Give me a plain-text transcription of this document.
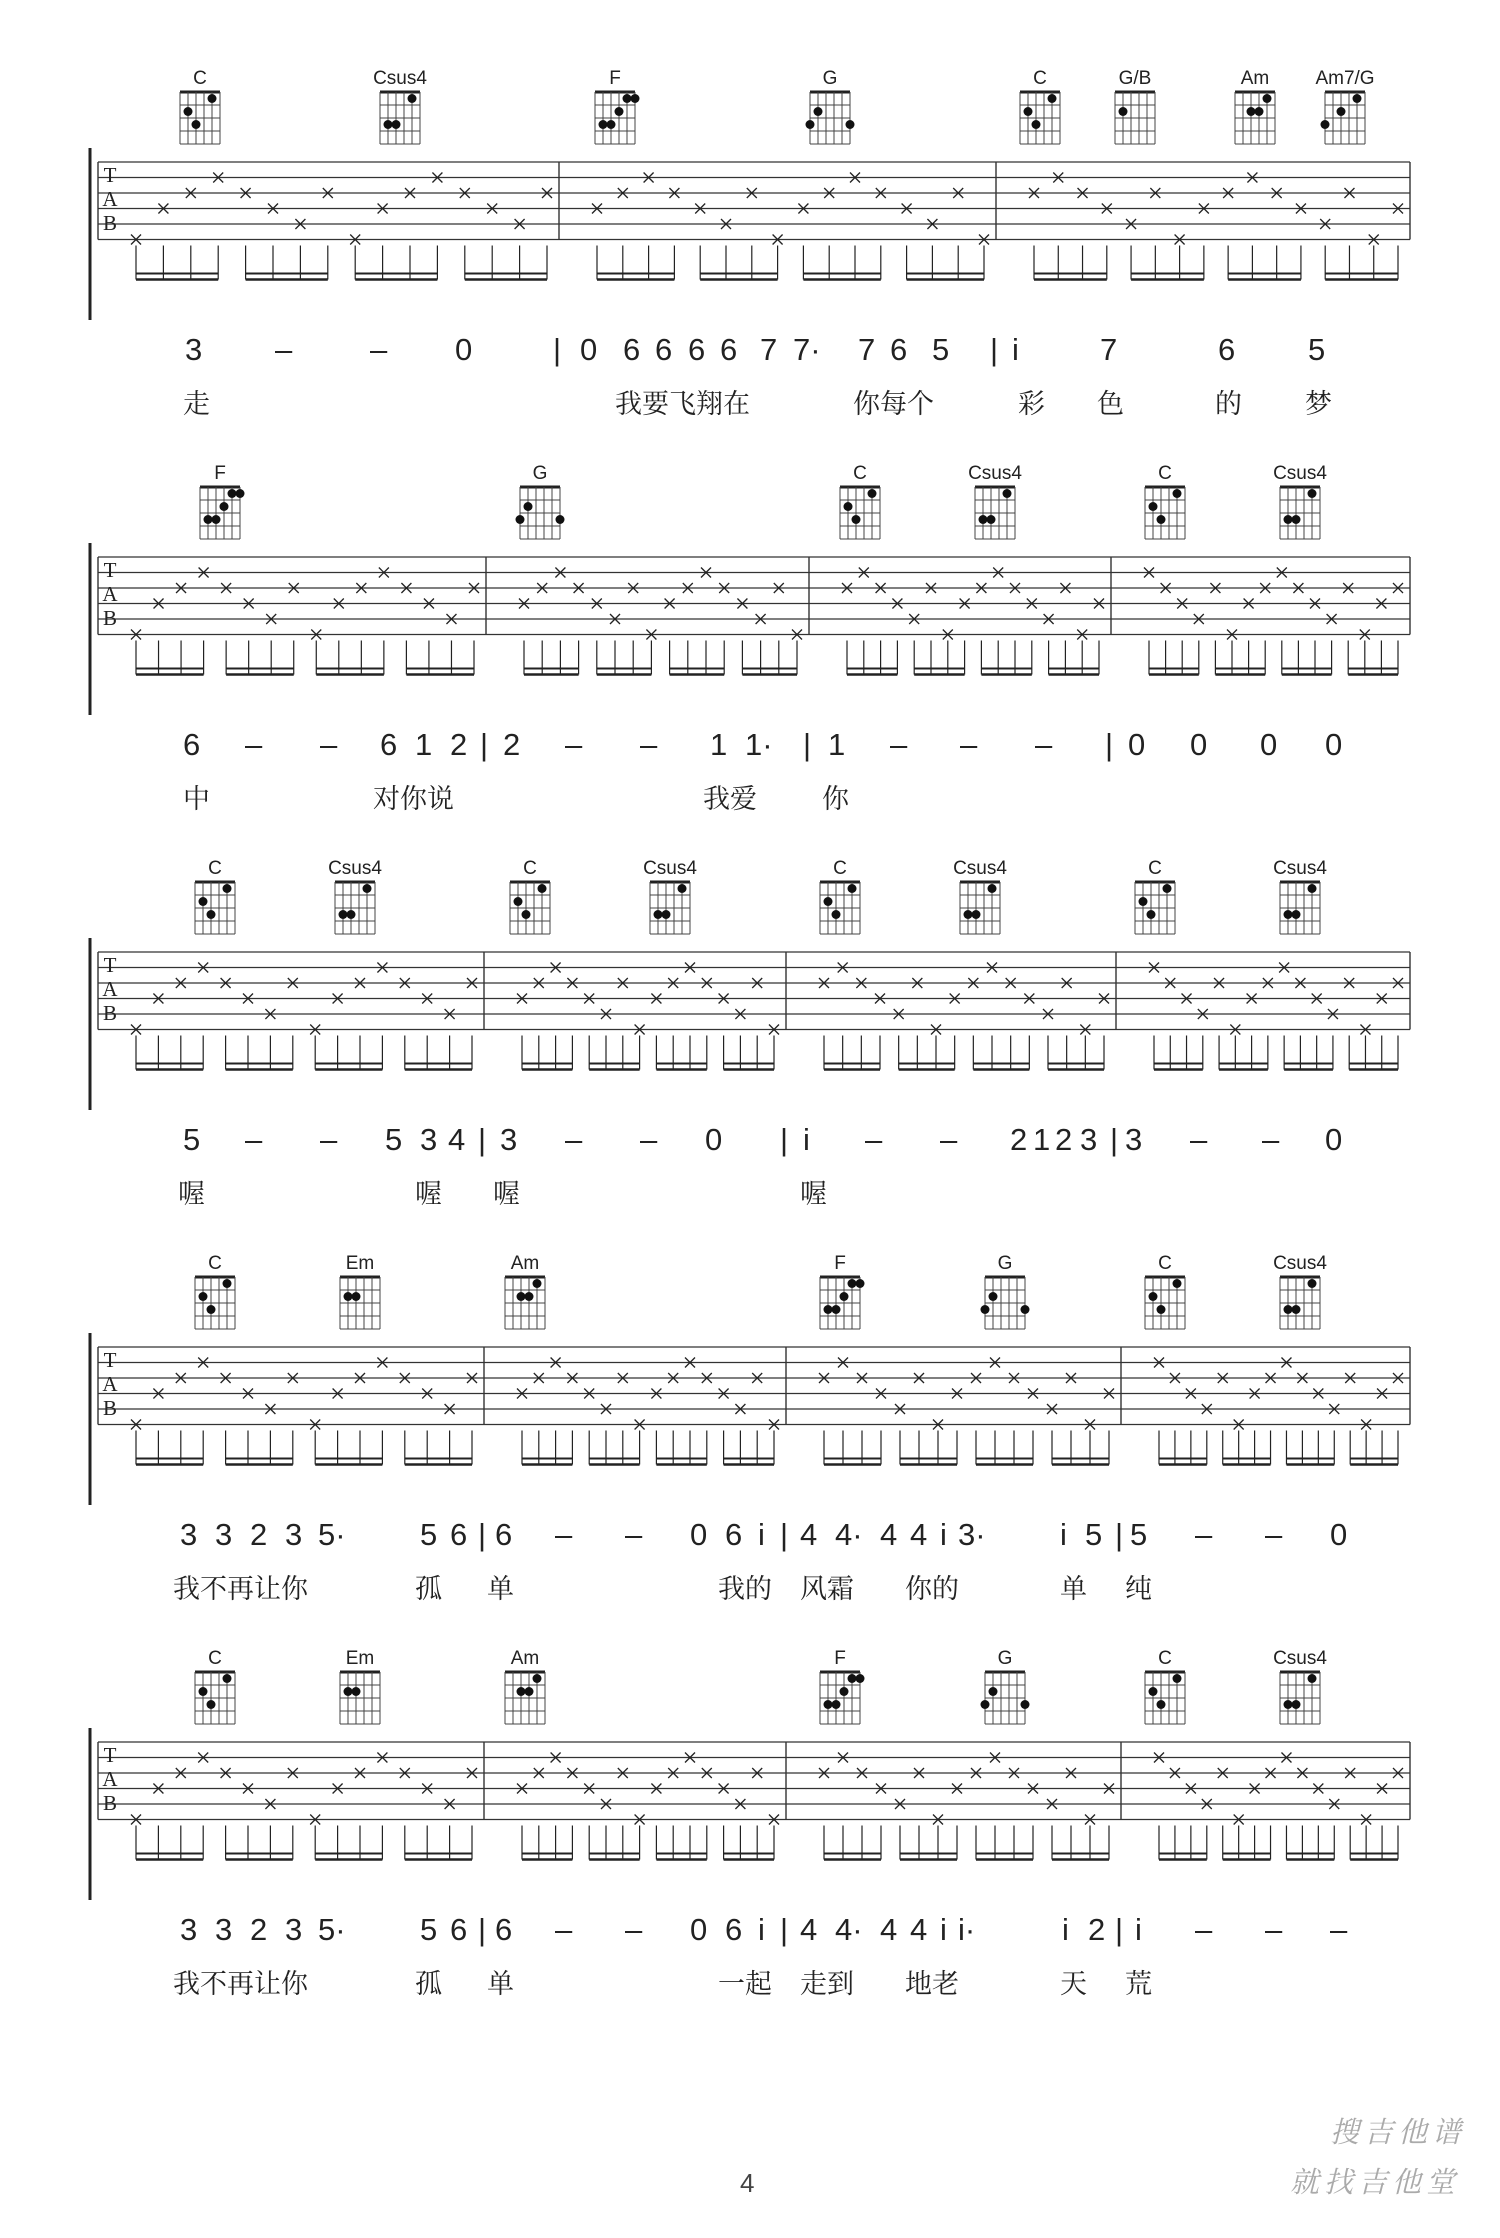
T
A
B
C	Csus4	F	G	C	G/B	Am Am7/G
3 –	– 0	| 0 6 6 6 6 7 7· 7 6 5 | i	7	6 5
走	我要飞翔在	你每个	彩 色	的 梦
T
A
B
F	G	C	Csus4	C	Csus4
6 – – 6 1 2 | 2 – – 1 1· | 1 – – – | 0 0 0 0
中	对你说	我爱 你
T
A
B
C	Csus4	C	Csus4	C	Csus4	C	Csus4
5 – – 5 3 4 | 3 – – 0 | i – – 2 1 2 3 | 3 – – 0
喔	喔 喔	喔
T
A
B
C	Em	Am	F	G	C	Csus4
3 3 2 3 5· 5 6 | 6 – – 0 6 i | 4 4· 4 4 i 3· i 5 | 5 – – 0
我不再让你	孤 单	我的 风霜 你的	单 纯
T
A
B
C	Em	Am	F	G	C	Csus4
3 3 2 3 5· 5 6 | 6 – – 0 6 i | 4 4· 4 4 i i·	i 2 | i – – –
我不再让你	孤 单	一起 走到 地老	天 荒
4
搜吉他谱
就找吉他堂
